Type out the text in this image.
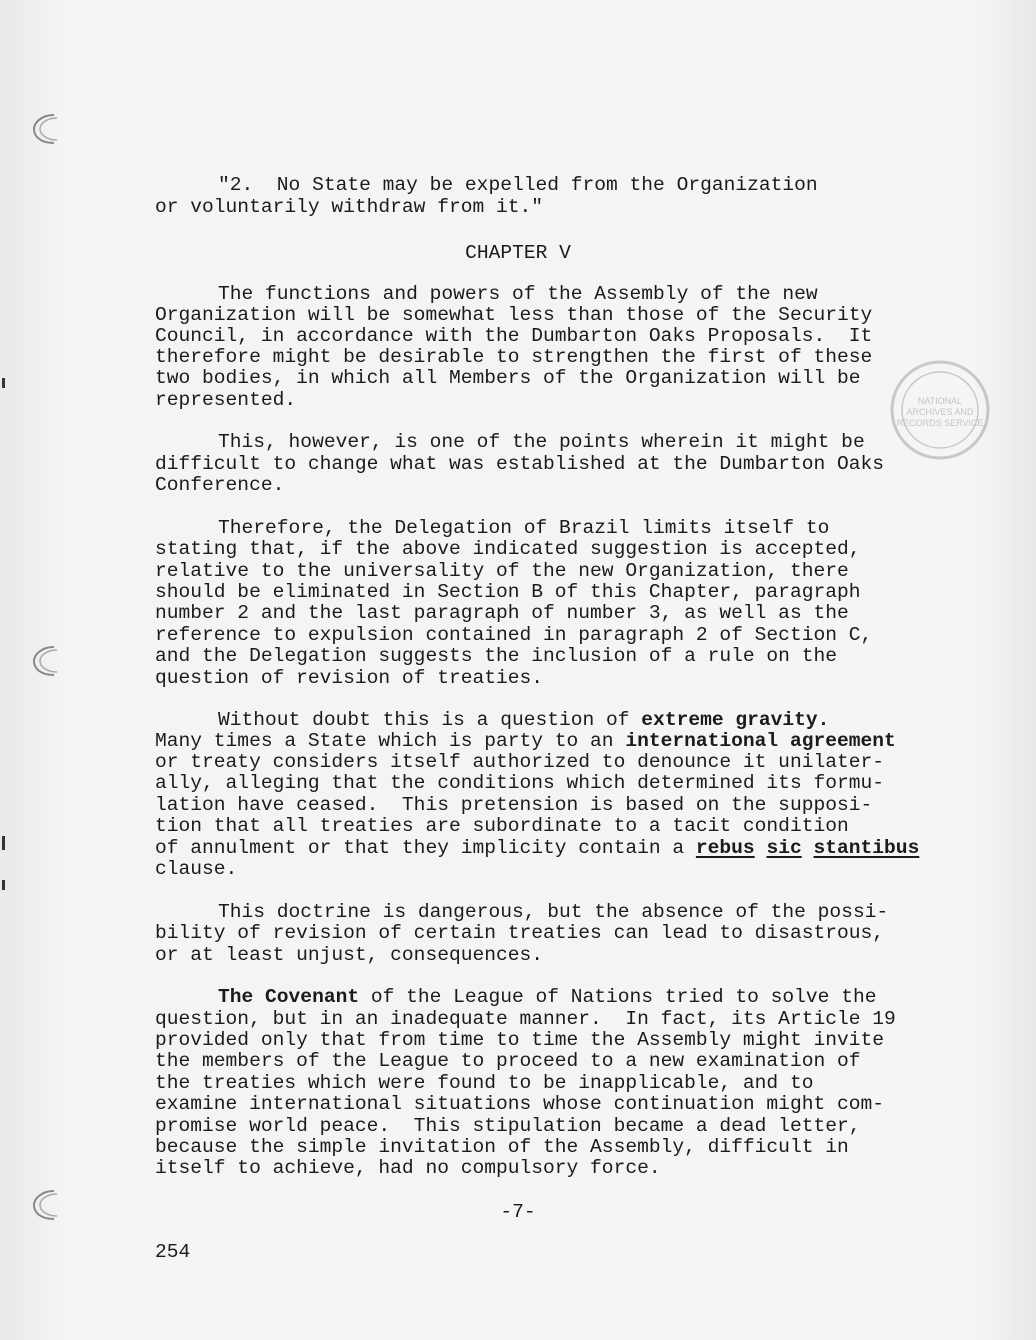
NATIONAL
ARCHIVES AND
RECORDS SERVICE
"2.  No State may be expelled from the Organization
or voluntarily withdraw from it."
CHAPTER V
The functions and powers of the Assembly of the new
Organization will be somewhat less than those of the Security
Council, in accordance with the Dumbarton Oaks Proposals.  It
therefore might be desirable to strengthen the first of these
two bodies, in which all Members of the Organization will be
represented.
This, however, is one of the points wherein it might be
difficult to change what was established at the Dumbarton Oaks
Conference.
Therefore, the Delegation of Brazil limits itself to
stating that, if the above indicated suggestion is accepted,
relative to the universality of the new Organization, there
should be eliminated in Section B of this Chapter, paragraph
number 2 and the last paragraph of number 3, as well as the
reference to expulsion contained in paragraph 2 of Section C,
and the Delegation suggests the inclusion of a rule on the
question of revision of treaties.
Without doubt this is a question of extreme gravity.
Many times a State which is party to an international agreement
or treaty considers itself authorized to denounce it unilater-
ally, alleging that the conditions which determined its formu-
lation have ceased.  This pretension is based on the supposi-
tion that all treaties are subordinate to a tacit condition
of annulment or that they implicity contain a rebus sic stantibus
clause.
This doctrine is dangerous, but the absence of the possi-
bility of revision of certain treaties can lead to disastrous,
or at least unjust, consequences.
The Covenant of the League of Nations tried to solve the
question, but in an inadequate manner.  In fact, its Article 19
provided only that from time to time the Assembly might invite
the members of the League to proceed to a new examination of
the treaties which were found to be inapplicable, and to
examine international situations whose continuation might com-
promise world peace.  This stipulation became a dead letter,
because the simple invitation of the Assembly, difficult in
itself to achieve, had no compulsory force.
-7-
254
